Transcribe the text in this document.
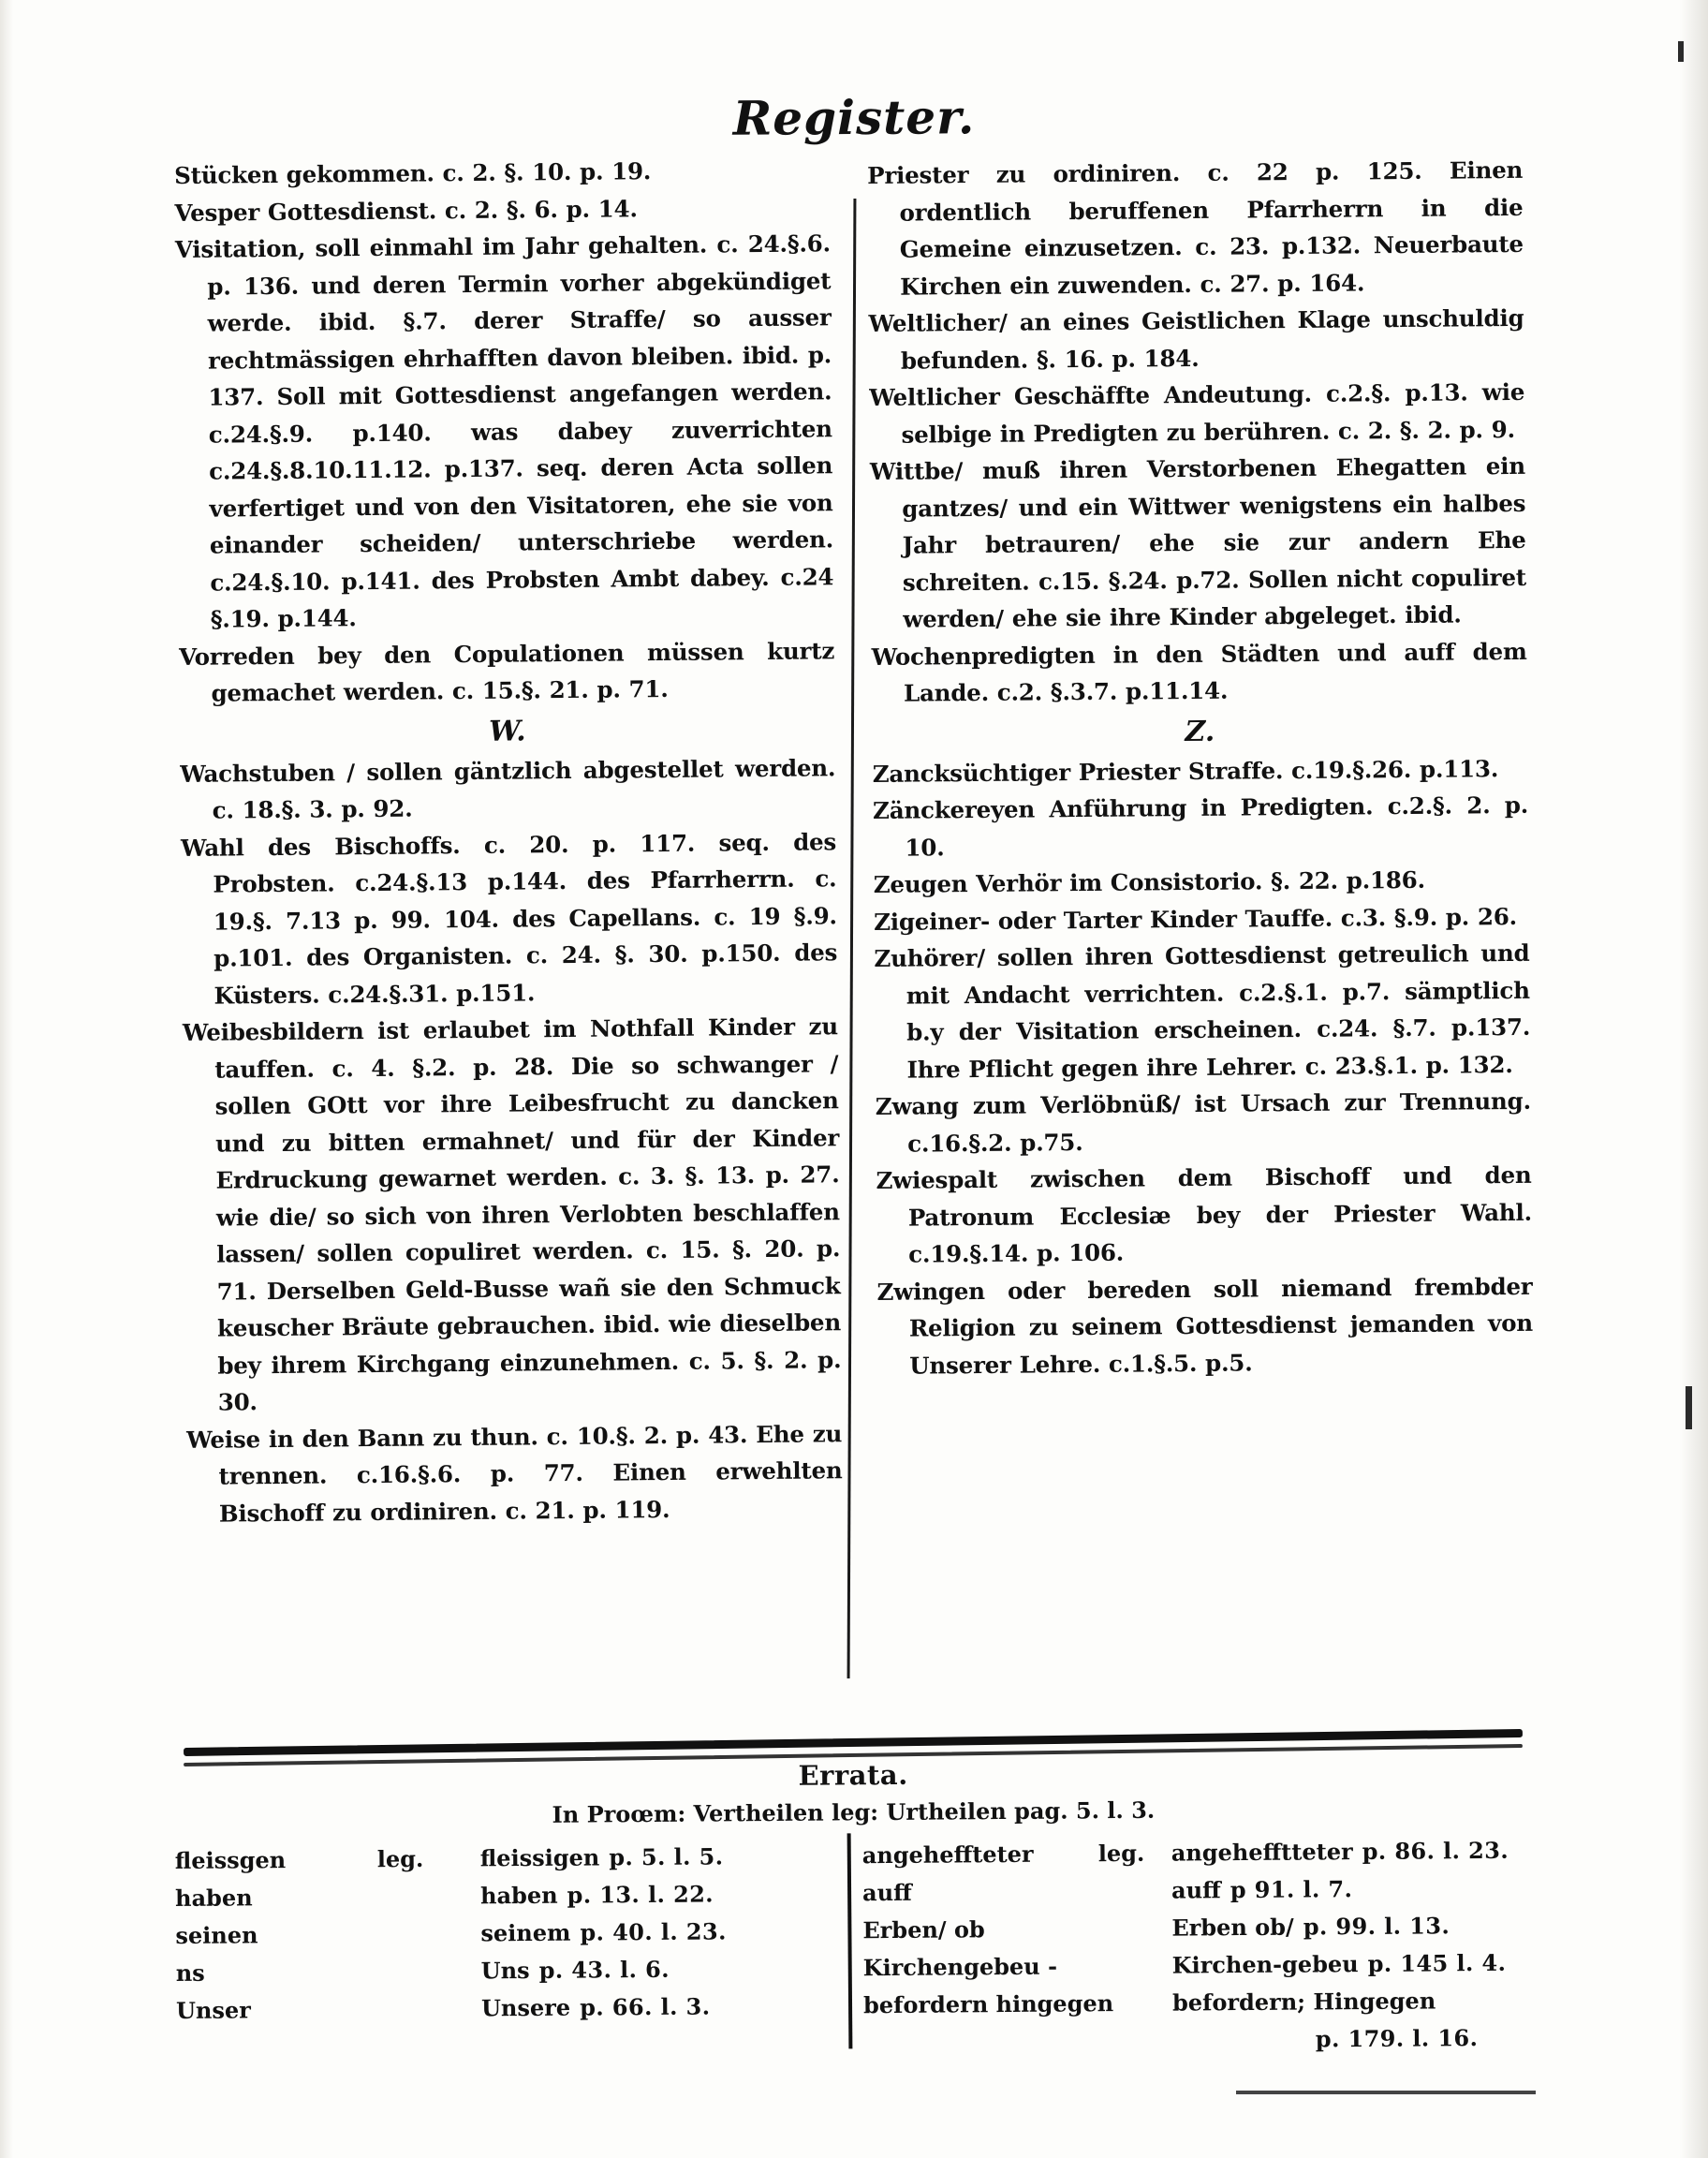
Register.

Stücken gekommen. c. 2. §. 10. p. 19.

Vesper Gottesdienst. c. 2. §. 6. p. 14.

Visitation, soll einmahl im Jahr gehalten. c. 24.§.6. p. 136. und deren Termin vorher abgekündiget werde. ibid. §.7. derer Straffe/ so ausser rechtmässigen ehrhafften davon bleiben. ibid. p. 137. Soll mit Gottesdienst angefangen werden. c.24.§.9. p.140. was dabey zuverrichten c.24.§.8.10.11.12. p.137. seq. deren Acta sollen verfertiget und von den Visitatoren, ehe sie von einander scheiden/ unterschriebe werden. c.24.§.10. p.141. des Probsten Ambt dabey. c.24 §.19. p.144.

Vorreden bey den Copulationen müssen kurtz gemachet werden. c. 15.§. 21. p. 71.

W.

Wachstuben / sollen gäntzlich abgestellet werden. c. 18.§. 3. p. 92.

Wahl des Bischoffs. c. 20. p. 117. seq. des Probsten. c.24.§.13 p.144. des Pfarrherrn. c. 19.§. 7.13 p. 99. 104. des Capellans. c. 19 §.9. p.101. des Organisten. c. 24. §. 30. p.150. des Küsters. c.24.§.31. p.151.

Weibesbildern ist erlaubet im Nothfall Kinder zu tauffen. c. 4. §.2. p. 28. Die so schwanger / sollen GOtt vor ihre Leibesfrucht zu dancken und zu bitten ermahnet/ und für der Kinder Erdruckung gewarnet werden. c. 3. §. 13. p. 27. wie die/ so sich von ihren Verlobten beschlaffen lassen/ sollen copuliret werden. c. 15. §. 20. p. 71. Derselben Geld-Busse wañ sie den Schmuck keuscher Bräute gebrauchen. ibid. wie dieselben bey ihrem Kirchgang einzunehmen. c. 5. §. 2. p. 30.

Weise in den Bann zu thun. c. 10.§. 2. p. 43. Ehe zu trennen. c.16.§.6. p. 77. Einen erwehlten Bischoff zu ordiniren. c. 21. p. 119.

Priester zu ordiniren. c. 22 p. 125. Einen ordentlich beruffenen Pfarrherrn in die Gemeine einzusetzen. c. 23. p.132. Neuerbaute Kirchen ein zuwenden. c. 27. p. 164.

Weltlicher/ an eines Geistlichen Klage unschuldig befunden. §. 16. p. 184.

Weltlicher Geschäffte Andeutung. c.2.§. p.13. wie selbige in Predigten zu berühren. c. 2. §. 2. p. 9.

Wittbe/ muß ihren Verstorbenen Ehegatten ein gantzes/ und ein Wittwer wenigstens ein halbes Jahr betrauren/ ehe sie zur andern Ehe schreiten. c.15. §.24. p.72. Sollen nicht copuliret werden/ ehe sie ihre Kinder abgeleget. ibid.

Wochenpredigten in den Städten und auff dem Lande. c.2. §.3.7. p.11.14.

Z.

Zancksüchtiger Priester Straffe. c.19.§.26. p.113.

Zänckereyen Anführung in Predigten. c.2.§. 2. p. 10.

Zeugen Verhör im Consistorio. §. 22. p.186.

Zigeiner- oder Tarter Kinder Tauffe. c.3. §.9. p. 26.

Zuhörer/ sollen ihren Gottesdienst getreulich und mit Andacht verrichten. c.2.§.1. p.7. sämptlich b.y der Visitation erscheinen. c.24. §.7. p.137. Ihre Pflicht gegen ihre Lehrer. c. 23.§.1. p. 132.

Zwang zum Verlöbnüß/ ist Ursach zur Trennung. c.16.§.2. p.75.

Zwiespalt zwischen dem Bischoff und den Patronum Ecclesiæ bey der Priester Wahl. c.19.§.14. p. 106.

Zwingen oder bereden soll niemand frembder Religion zu seinem Gottesdienst jemanden von Unserer Lehre. c.1.§.5. p.5.

Errata.
In Proœm: Vertheilen leg: Urtheilen pag. 5. l. 3.
fleissgen	leg.	fleissigen p. 5. l. 5.
haben	haben p. 13. l. 22.
seinen	seinem p. 40. l. 23.
ns	Uns p. 43. l. 6.
Unser	Unsere p. 66. l. 3.
angeheffteter	leg.	angehefftteter p. 86. l. 23.
auff	auff p 91. l. 7.
Erben/ ob	Erben ob/ p. 99. l. 13.
Kirchengebeu -	Kirchen-gebeu p. 145 l. 4.
befordern hingegen	befordern; Hingegen
p. 179. l. 16.
